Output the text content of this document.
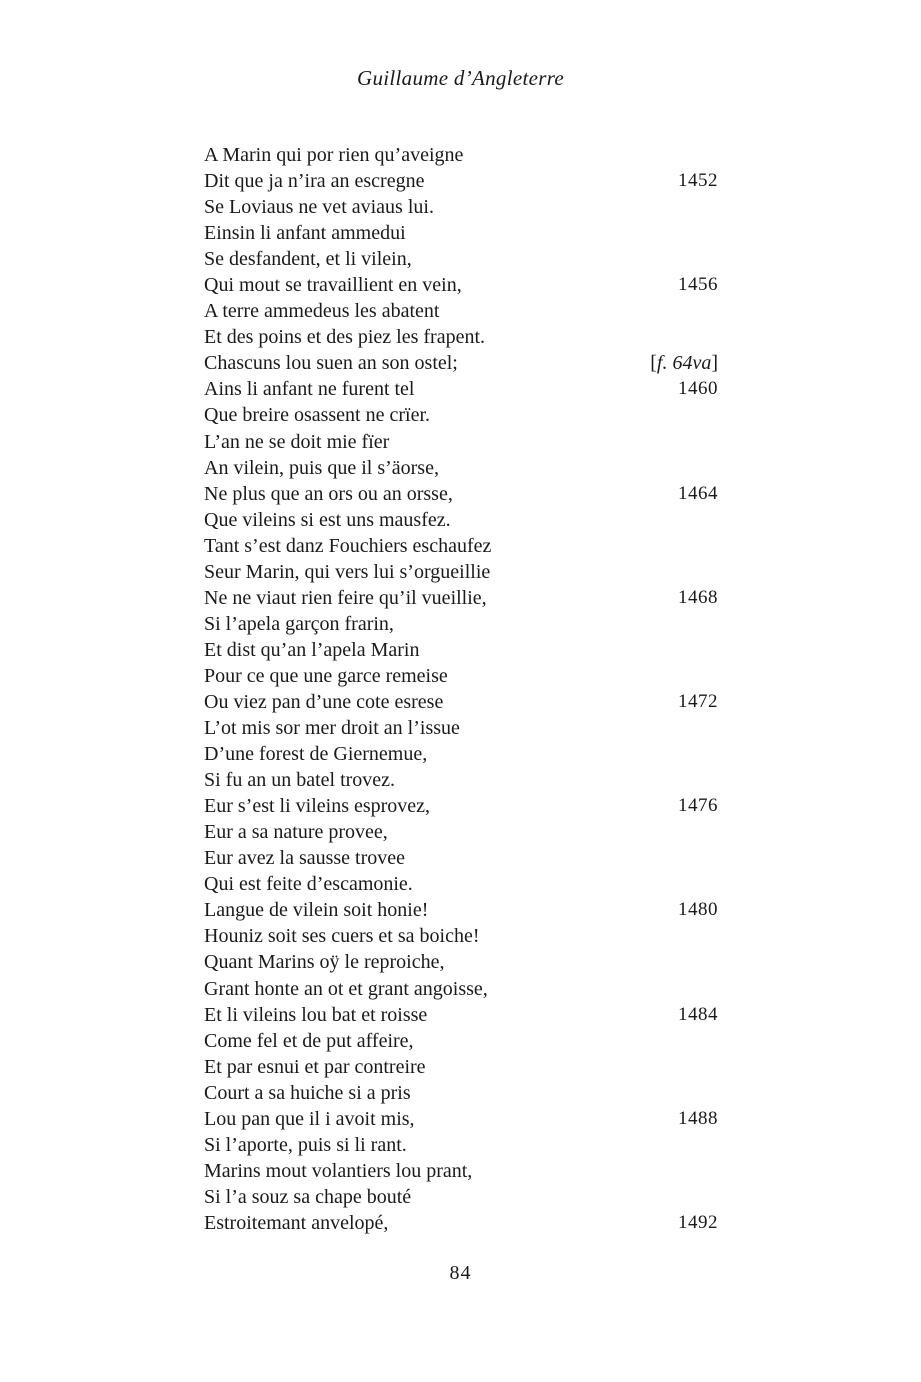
Guillaume d’Angleterre
A Marin qui por rien qu’aveigne
Dit que ja n’ira an escregne	1452
Se Loviaus ne vet aviaus lui.
Einsin li anfant ammedui
Se desfandent, et li vilein,
Qui mout se travaillient en vein,	1456
A terre ammedeus les abatent
Et des poins et des piez les frapent.
Chascuns lou suen an son ostel;	[f. 64va]
Ains li anfant ne furent tel	1460
Que breire osassent ne crïer.
L’an ne se doit mie fïer
An vilein, puis que il s’äorse,
Ne plus que an ors ou an orsse,	1464
Que vileins si est uns mausfez.
Tant s’est danz Fouchiers eschaufez
Seur Marin, qui vers lui s’orgueillie
Ne ne viaut rien feire qu’il vueillie,	1468
Si l’apela garçon frarin,
Et dist qu’an l’apela Marin
Pour ce que une garce remeise
Ou viez pan d’une cote esrese	1472
L’ot mis sor mer droit an l’issue
D’une forest de Giernemue,
Si fu an un batel trovez.
Eur s’est li vileins esprovez,	1476
Eur a sa nature provee,
Eur avez la sausse trovee
Qui est feite d’escamonie.
Langue de vilein soit honie!	1480
Houniz soit ses cuers et sa boiche!
Quant Marins oÿ le reproiche,
Grant honte an ot et grant angoisse,
Et li vileins lou bat et roisse	1484
Come fel et de put affeire,
Et par esnui et par contreire
Court a sa huiche si a pris
Lou pan que il i avoit mis,	1488
Si l’aporte, puis si li rant.
Marins mout volantiers lou prant,
Si l’a souz sa chape bouté
Estroitemant anvelopé,	1492
84
